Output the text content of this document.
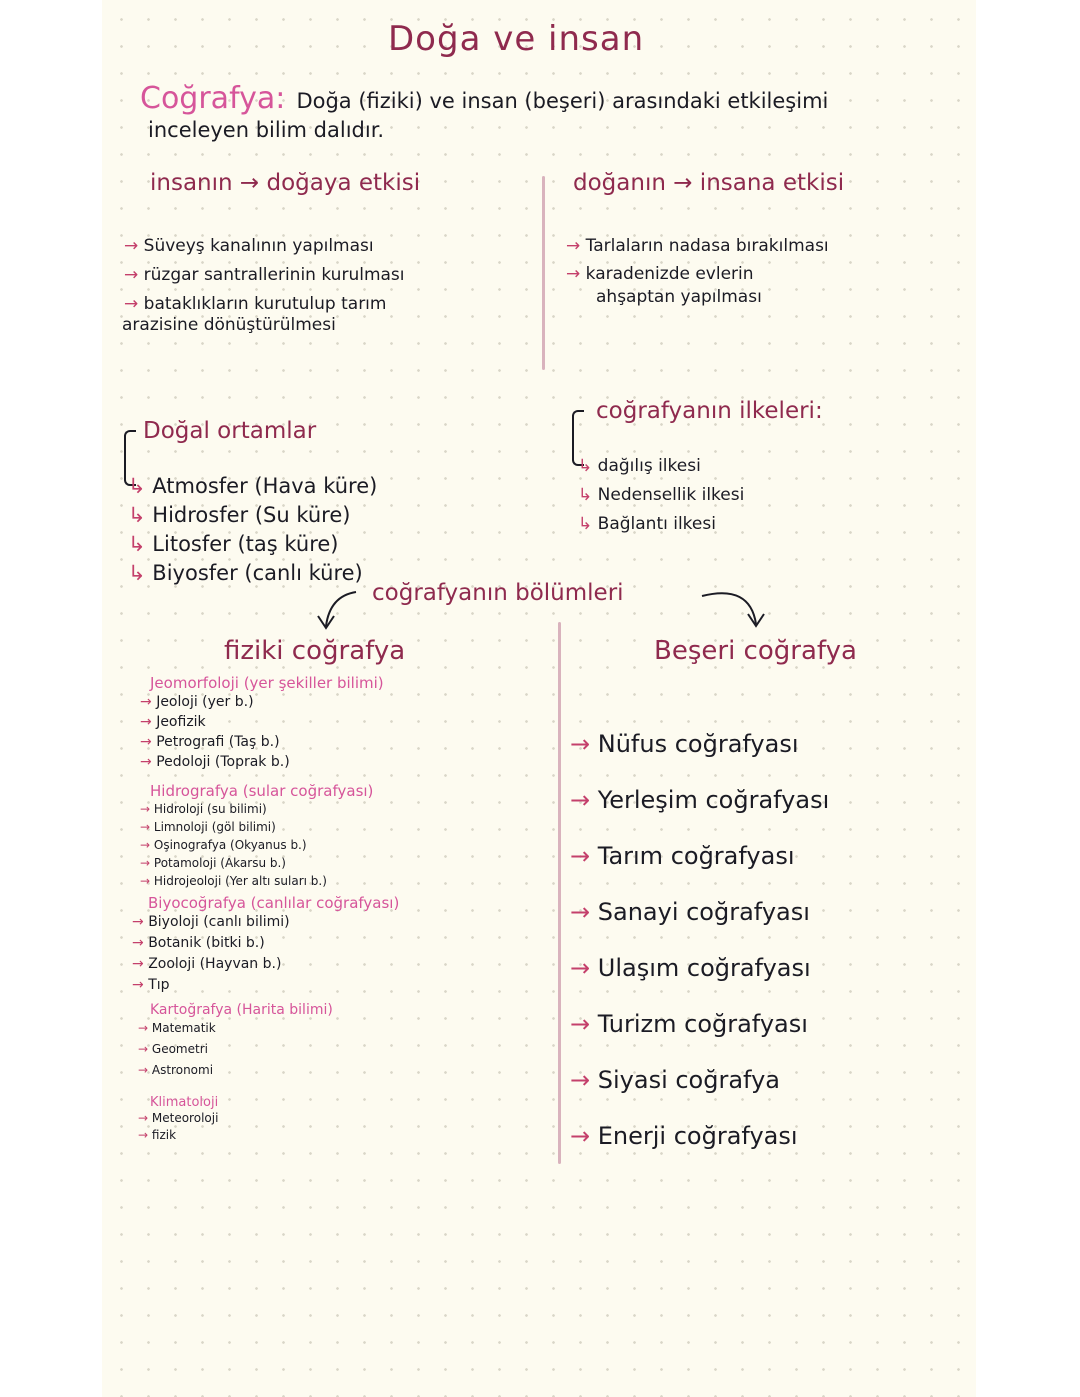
Doğa ve insan
Coğrafya: Doğa (fiziki) ve insan (beşeri) arasındaki etkileşimi
inceleyen bilim dalıdır.
insanın → doğaya etkisi	doğanın → insana etkisi
→ Süveyş kanalının yapılması
→ rüzgar santrallerinin kurulması
→ bataklıkların kurutulup tarım
arazisine dönüştürülmesi
→ Tarlaların nadasa bırakılması
→ karadenizde evlerin
ahşaptan yapılması
Doğal ortamlar
↳ Atmosfer (Hava küre)
↳ Hidrosfer (Su küre)
↳ Litosfer (taş küre)
↳ Biyosfer (canlı küre)
coğrafyanın ilkeleri:
↳ dağılış ilkesi
↳ Nedensellik ilkesi
↳ Bağlantı ilkesi
coğrafyanın bölümleri
fiziki coğrafya
Jeomorfoloji (yer şekiller bilimi)
→ Jeoloji (yer b.)
→ Jeofizik
→ Petrografi (Taş b.)
→ Pedoloji (Toprak b.)
Hidrografya (sular coğrafyası)
→ Hidroloji (su bilimi)
→ Limnoloji (göl bilimi)
→ Oşinografya (Okyanus b.)
→ Potamoloji (Akarsu b.)
→ Hidrojeoloji (Yer altı suları b.)
Biyocoğrafya (canlılar coğrafyası)
→ Biyoloji (canlı bilimi)
→ Botanik (bitki b.)
→ Zooloji (Hayvan b.)
→ Tıp
Kartoğrafya (Harita bilimi)
→ Matematik
→ Geometri
→ Astronomi
Klimatoloji
→ Meteoroloji
→ fizik
Beşeri coğrafya
→ Nüfus coğrafyası
→ Yerleşim coğrafyası
→ Tarım coğrafyası
→ Sanayi coğrafyası
→ Ulaşım coğrafyası
→ Turizm coğrafyası
→ Siyasi coğrafya
→ Enerji coğrafyası
